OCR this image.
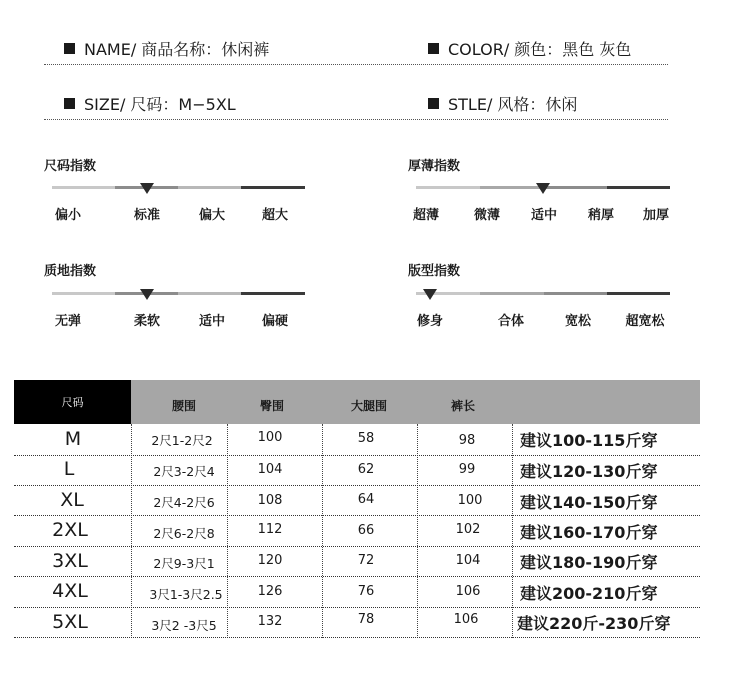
NAME/ 商品名称：休闲裤	COLOR/ 颜色：黑色 灰色
SIZE/ 尺码：M−5XL	STLE/ 风格：休闲
尺码指数
偏小	标准	偏大	超大
厚薄指数
超薄	微薄 适中 稍厚 加厚
质地指数
无弹	柔软	适中	偏硬
版型指数
修身	合体	宽松	超宽松
尺码	腰围	臀围	大腿围	裤长
M	2尺1-2尺2	100	58	98	建议100-115斤穿
L	2尺3-2尺4	104	62	99	建议120-130斤穿
XL	2尺4-2尺6	108	64	100 建议140-150斤穿
2XL	2尺6-2尺8	112	66	102 建议160-170斤穿
3XL	2尺9-3尺1	120	72	104 建议180-190斤穿
4XL	3尺1-3尺2.5	126	76	106 建议200-210斤穿
5XL	3尺2 -3尺5	132	78	106 建议220斤-230斤穿
